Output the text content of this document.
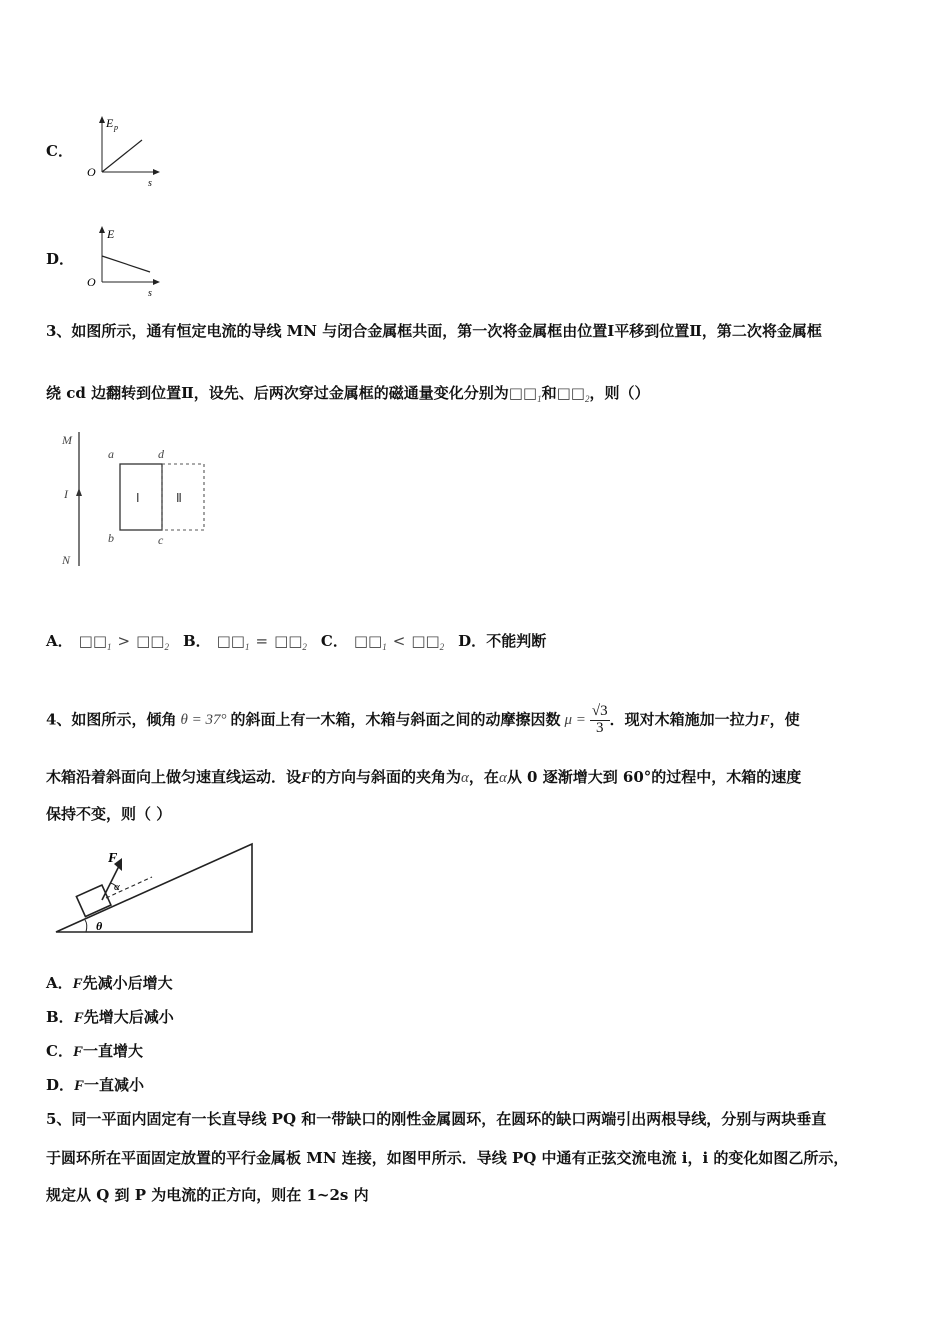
C．
E p
O
s
D．
E
O
s
3、如图所示，通有恒定电流的导线 MN 与闭合金属框共面，第一次将金属框由位置Ⅰ平移到位置Ⅱ，第二次将金属框
绕 cd 边翻转到位置Ⅱ，设先、后两次穿过金属框的磁通量变化分别为$□□_1$和$□□_2$，则（）
M
I
N
a	d
b	c
Ⅰ	Ⅱ
A． $□□_1$ > $□□_2$ B． $□□_1$ = $□□_2$ C． $□□_1$ < $□□_2$ D．不能判断
4、如图所示，倾角 θ = 37° 的斜面上有一木箱，木箱与斜面之间的动摩擦因数 $\mu = \frac{√3}{3}$ ．现对木箱施加一拉力F，使
木箱沿着斜面向上做匀速直线运动．设F的方向与斜面的夹角为α，在α从 0 逐渐增大到 60°的过程中，木箱的速度
保持不变，则（ ）
F
α
θ
A．F先减小后增大
B．F先增大后减小
C．F一直增大
D．F一直减小
5、同一平面内固定有一长直导线 PQ 和一带缺口的刚性金属圆环，在圆环的缺口两端引出两根导线，分别与两块垂直
于圆环所在平面固定放置的平行金属板 MN 连接，如图甲所示．导线 PQ 中通有正弦交流电流 i，i 的变化如图乙所示，
规定从 Q 到 P 为电流的正方向，则在 1~2s 内
